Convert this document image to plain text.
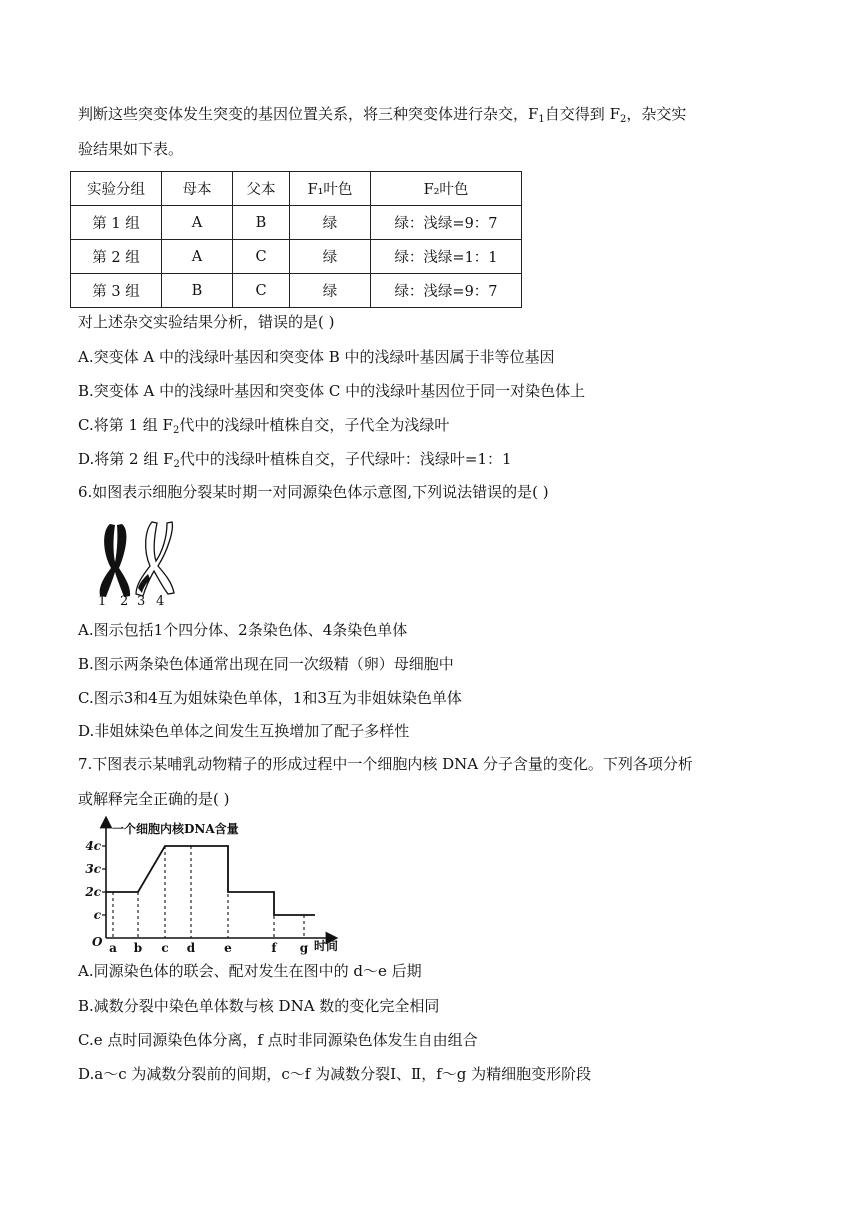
判断这些突变体发生突变的基因位置关系，将三种突变体进行杂交，$F_1$自交得到 $F_2$，杂交实
验结果如下表。
实验分组	母本	父本	F₁叶色	F₂叶色
第 1 组	A	B	绿	绿：浅绿=9：7
第 2 组	A	C	绿	绿：浅绿=1：1
第 3 组	B	C	绿	绿：浅绿=9：7
对上述杂交实验结果分析，错误的是( )
A.突变体 A 中的浅绿叶基因和突变体 B 中的浅绿叶基因属于非等位基因
B.突变体 A 中的浅绿叶基因和突变体 C 中的浅绿叶基因位于同一对染色体上
C.将第 1 组 $F_2$代中的浅绿叶植株自交，子代全为浅绿叶
D.将第 2 组 $F_2$代中的浅绿叶植株自交，子代绿叶：浅绿叶=1：1
6.如图表示细胞分裂某时期一对同源染色体示意图,下列说法错误的是( )
1 2 3 4
A.图示包括1个四分体、2条染色体、4条染色单体
B.图示两条染色体通常出现在同一次级精（卵）母细胞中
C.图示3和4互为姐妹染色单体，1和3互为非姐妹染色单体
D.非姐妹染色单体之间发生互换增加了配子多样性
7.下图表示某哺乳动物精子的形成过程中一个细胞内核 DNA 分子含量的变化。下列各项分析
或解释完全正确的是( )
一个细胞内核DNA含量
O	时间
c
2c
3c
4c
a b c d e	f g
A.同源染色体的联会、配对发生在图中的 d～e 后期
B.减数分裂中染色单体数与核 DNA 数的变化完全相同
C.e 点时同源染色体分离，f 点时非同源染色体发生自由组合
D.a～c 为减数分裂前的间期，c～f 为减数分裂Ⅰ、Ⅱ，f～g 为精细胞变形阶段
